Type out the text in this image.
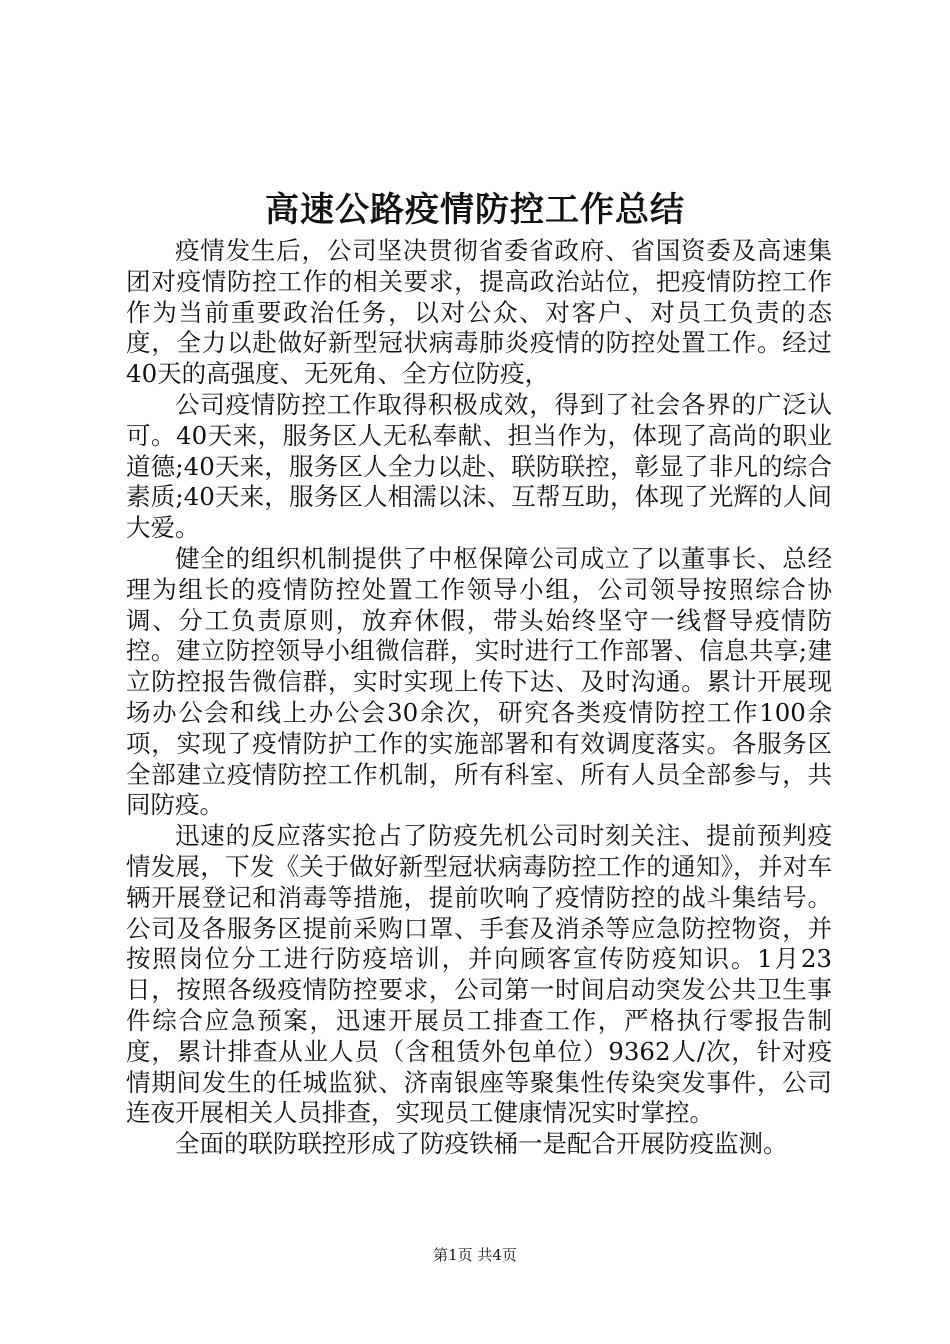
高速公路疫情防控工作总结

疫情发生后，公司坚决贯彻省委省政府、省国资委及高速集团对疫情防控工作的相关要求，提高政治站位，把疫情防控工作作为当前重要政治任务，以对公众、对客户、对员工负责的态度，全力以赴做好新型冠状病毒肺炎疫情的防控处置工作。经过40天的高强度、无死角、全方位防疫，

公司疫情防控工作取得积极成效，得到了社会各界的广泛认可。40天来，服务区人无私奉献、担当作为，体现了高尚的职业道德;40天来，服务区人全力以赴、联防联控，彰显了非凡的综合素质;40天来，服务区人相濡以沫、互帮互助，体现了光辉的人间大爱。

健全的组织机制提供了中枢保障公司成立了以董事长、总经理为组长的疫情防控处置工作领导小组，公司领导按照综合协调、分工负责原则，放弃休假，带头始终坚守一线督导疫情防控。建立防控领导小组微信群，实时进行工作部署、信息共享;建立防控报告微信群，实时实现上传下达、及时沟通。累计开展现场办公会和线上办公会30余次，研究各类疫情防控工作100余项，实现了疫情防护工作的实施部署和有效调度落实。各服务区全部建立疫情防控工作机制，所有科室、所有人员全部参与，共同防疫。

迅速的反应落实抢占了防疫先机公司时刻关注、提前预判疫情发展，下发《关于做好新型冠状病毒防控工作的通知》，并对车辆开展登记和消毒等措施，提前吹响了疫情防控的战斗集结号。公司及各服务区提前采购口罩、手套及消杀等应急防控物资，并按照岗位分工进行防疫培训，并向顾客宣传防疫知识。1月23日，按照各级疫情防控要求，公司第一时间启动突发公共卫生事件综合应急预案，迅速开展员工排查工作，严格执行零报告制度，累计排查从业人员（含租赁外包单位）9362人/次，针对疫情期间发生的任城监狱、济南银座等聚集性传染突发事件，公司连夜开展相关人员排查，实现员工健康情况实时掌控。

全面的联防联控形成了防疫铁桶一是配合开展防疫监测。

第1页 共4页
